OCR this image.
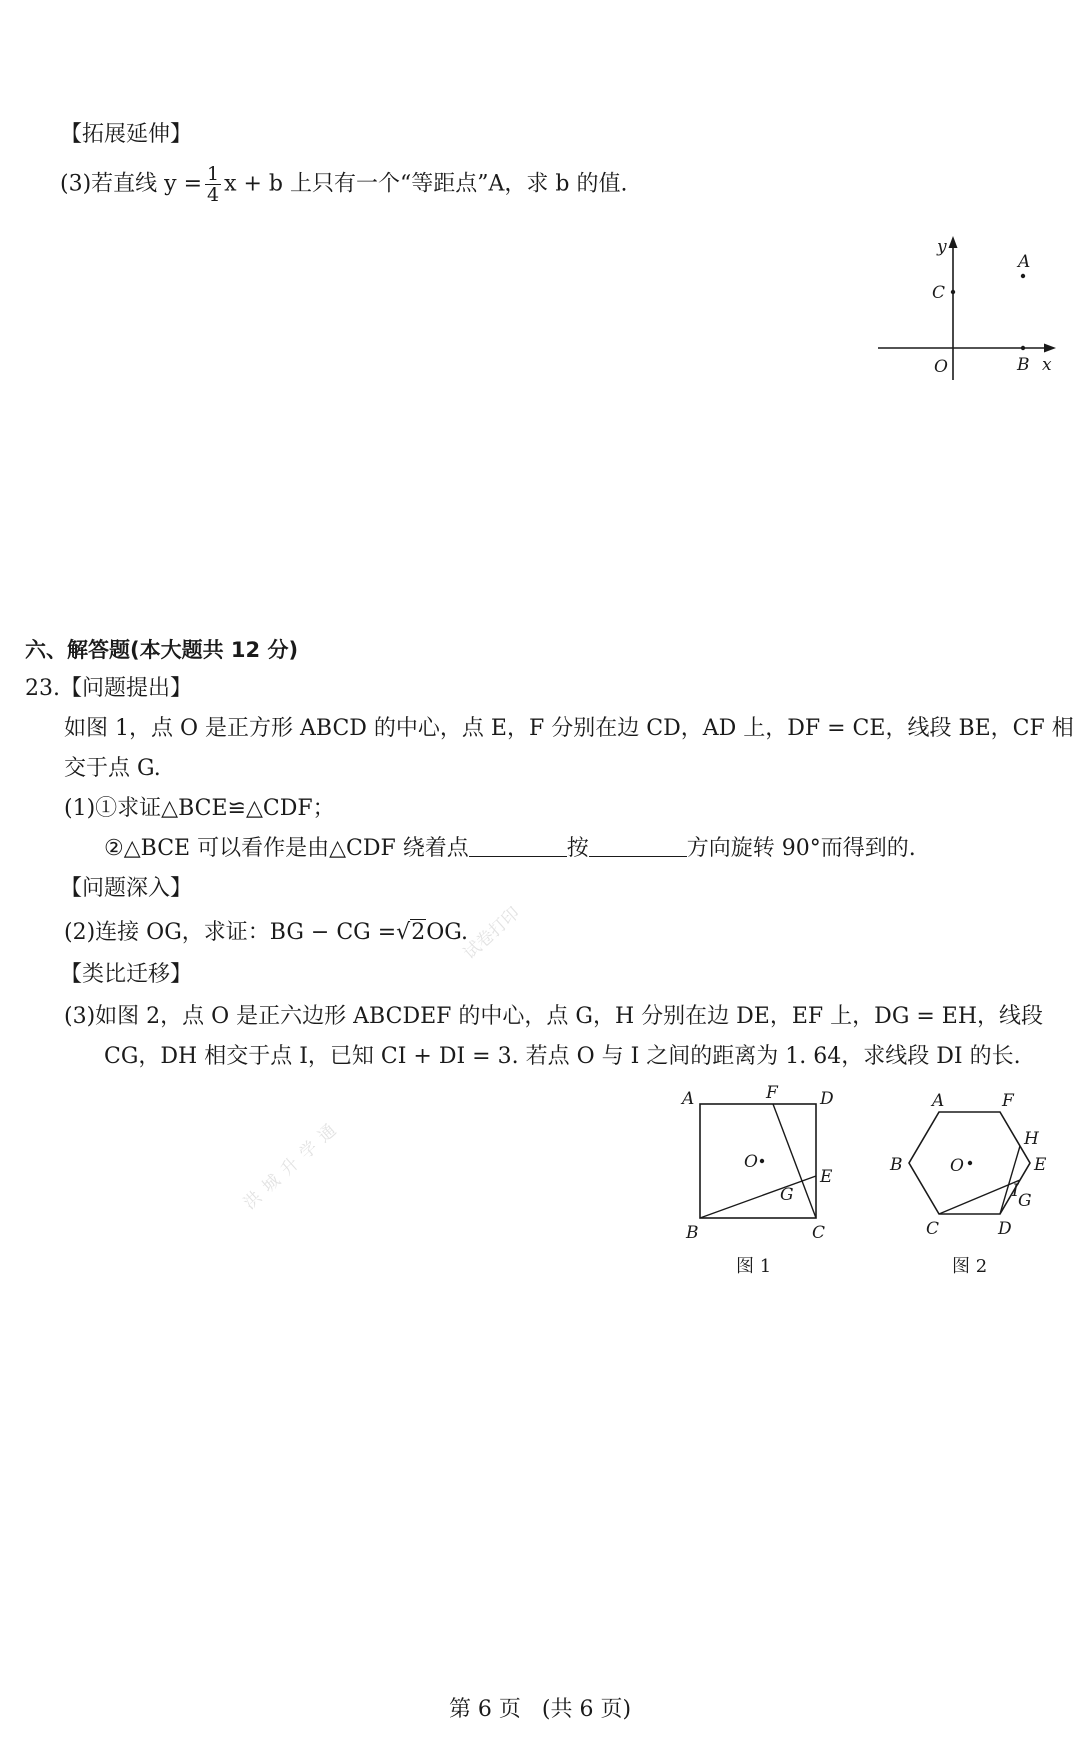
洪城升学通
试卷打印
【拓展延伸】
(3)若直线 $y = \frac{1}{4}$ x + b 上只有一个“等距点”A，求 b 的值.
y
C
A
O	B x
六、解答题(本大题共 12 分)
23. 【问题提出】
如图 1，点 O 是正方形 ABCD 的中心，点 E，F 分别在边 CD，AD 上，DF = CE，线段 BE，CF 相
交于点 G.
(1)①求证△BCE≌△CDF；
②△BCE 可以看作是由△CDF 绕着点	按	方向旋转 90°而得到的.
【问题深入】
(2)连接 OG，求证：BG − CG =√2OG.
【类比迁移】
(3)如图 2，点 O 是正六边形 ABCDEF 的中心，点 G，H 分别在边 DE，EF 上，DG = EH，线段
CG，DH 相交于点 I，已知 CI + DI = 3. 若点 O 与 I 之间的距离为 1. 64，求线段 DI 的长.
A	F D
E
G
O
B	C
图 1
A	F
H
E
B	O
I G
C	D
图 2
第 6 页 (共 6 页)
